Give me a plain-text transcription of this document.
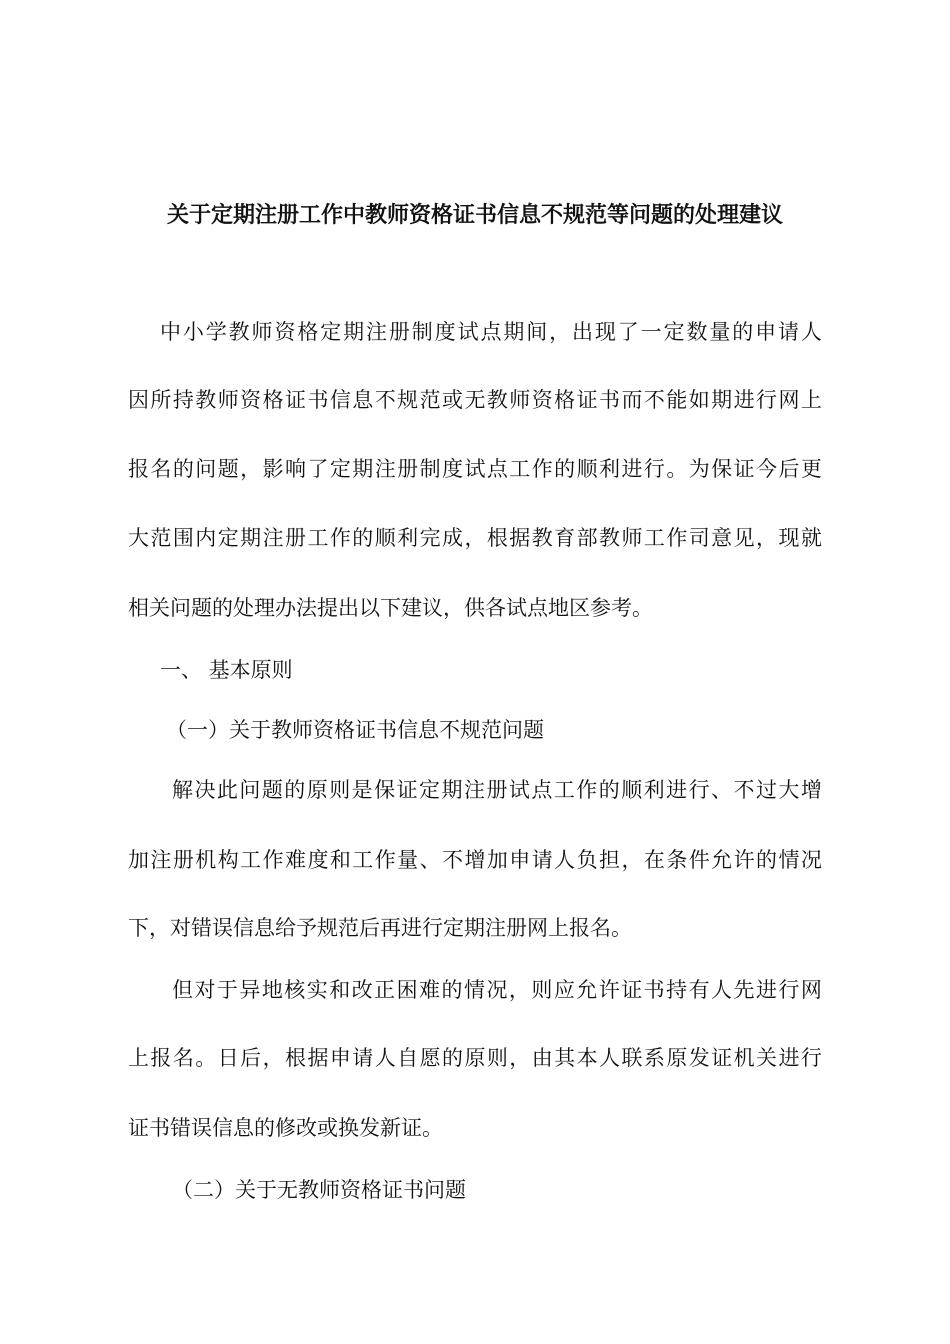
关于定期注册工作中教师资格证书信息不规范等问题的处理建议
中小学教师资格定期注册制度试点期间，出现了一定数量的申请人
因所持教师资格证书信息不规范或无教师资格证书而不能如期进行网上
报名的问题，影响了定期注册制度试点工作的顺利进行。为保证今后更
大范围内定期注册工作的顺利完成，根据教育部教师工作司意见，现就
相关问题的处理办法提出以下建议，供各试点地区参考。
一、 基本原则
（一）关于教师资格证书信息不规范问题
解决此问题的原则是保证定期注册试点工作的顺利进行、不过大增
加注册机构工作难度和工作量、不增加申请人负担，在条件允许的情况
下，对错误信息给予规范后再进行定期注册网上报名。
但对于异地核实和改正困难的情况，则应允许证书持有人先进行网
上报名。日后，根据申请人自愿的原则，由其本人联系原发证机关进行
证书错误信息的修改或换发新证。
（二）关于无教师资格证书问题
